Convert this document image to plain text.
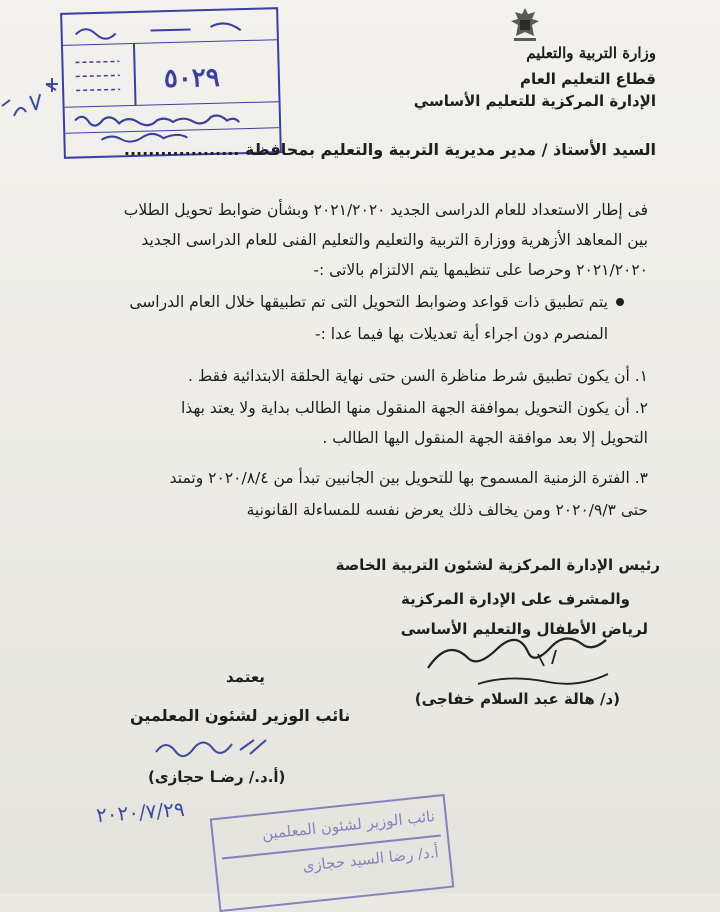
وزارة التربية والتعليم
قطاع التعليم العام
الإدارة المركزية للتعليم الأساسي
٥٠٢٩
السيد الأستاذ / مدير مديرية التربية والتعليم بمحافظة ...................
فى إطار الاستعداد للعام الدراسى الجديد ٢٠٢١/٢٠٢٠ وبشأن ضوابط تحويل الطلاب
بين المعاهد الأزهرية ووزارة التربية والتعليم والتعليم الفنى للعام الدراسى الجديد
٢٠٢١/٢٠٢٠ وحرصا على تنظيمها يتم الالتزام بالاتى :-
يتم تطبيق ذات قواعد وضوابط التحويل التى تم تطبيقها خلال العام الدراسى
المنصرم دون اجراء أية تعديلات بها فيما عدا :-
١. أن يكون تطبيق شرط مناظرة السن حتى نهاية الحلقة الابتدائية فقط .
٢. أن يكون التحويل بموافقة الجهة المنقول منها الطالب بداية ولا يعتد بهذا
التحويل إلا بعد موافقة الجهة المنقول اليها الطالب .
٣. الفترة الزمنية المسموح بها للتحويل بين الجانبين تبدأ من ٢٠٢٠/٨/٤ وتمتد
حتى ٢٠٢٠/٩/٣ ومن يخالف ذلك يعرض نفسه للمساءلة القانونية
رئيس الإدارة المركزية لشئون التربية الخاصة
والمشرف على الإدارة المركزية
لرياض الأطفال والتعليم الأساسى
(د/ هالة عبد السلام خفاجى)
يعتمد
نائب الوزير لشئون المعلمين
(أ.د./ رضـا حجازى)
٢٠٢٠/٧/٢٩	نائب الوزير لشئون المعلمين
أ.د/ رضا السيد حجازى
